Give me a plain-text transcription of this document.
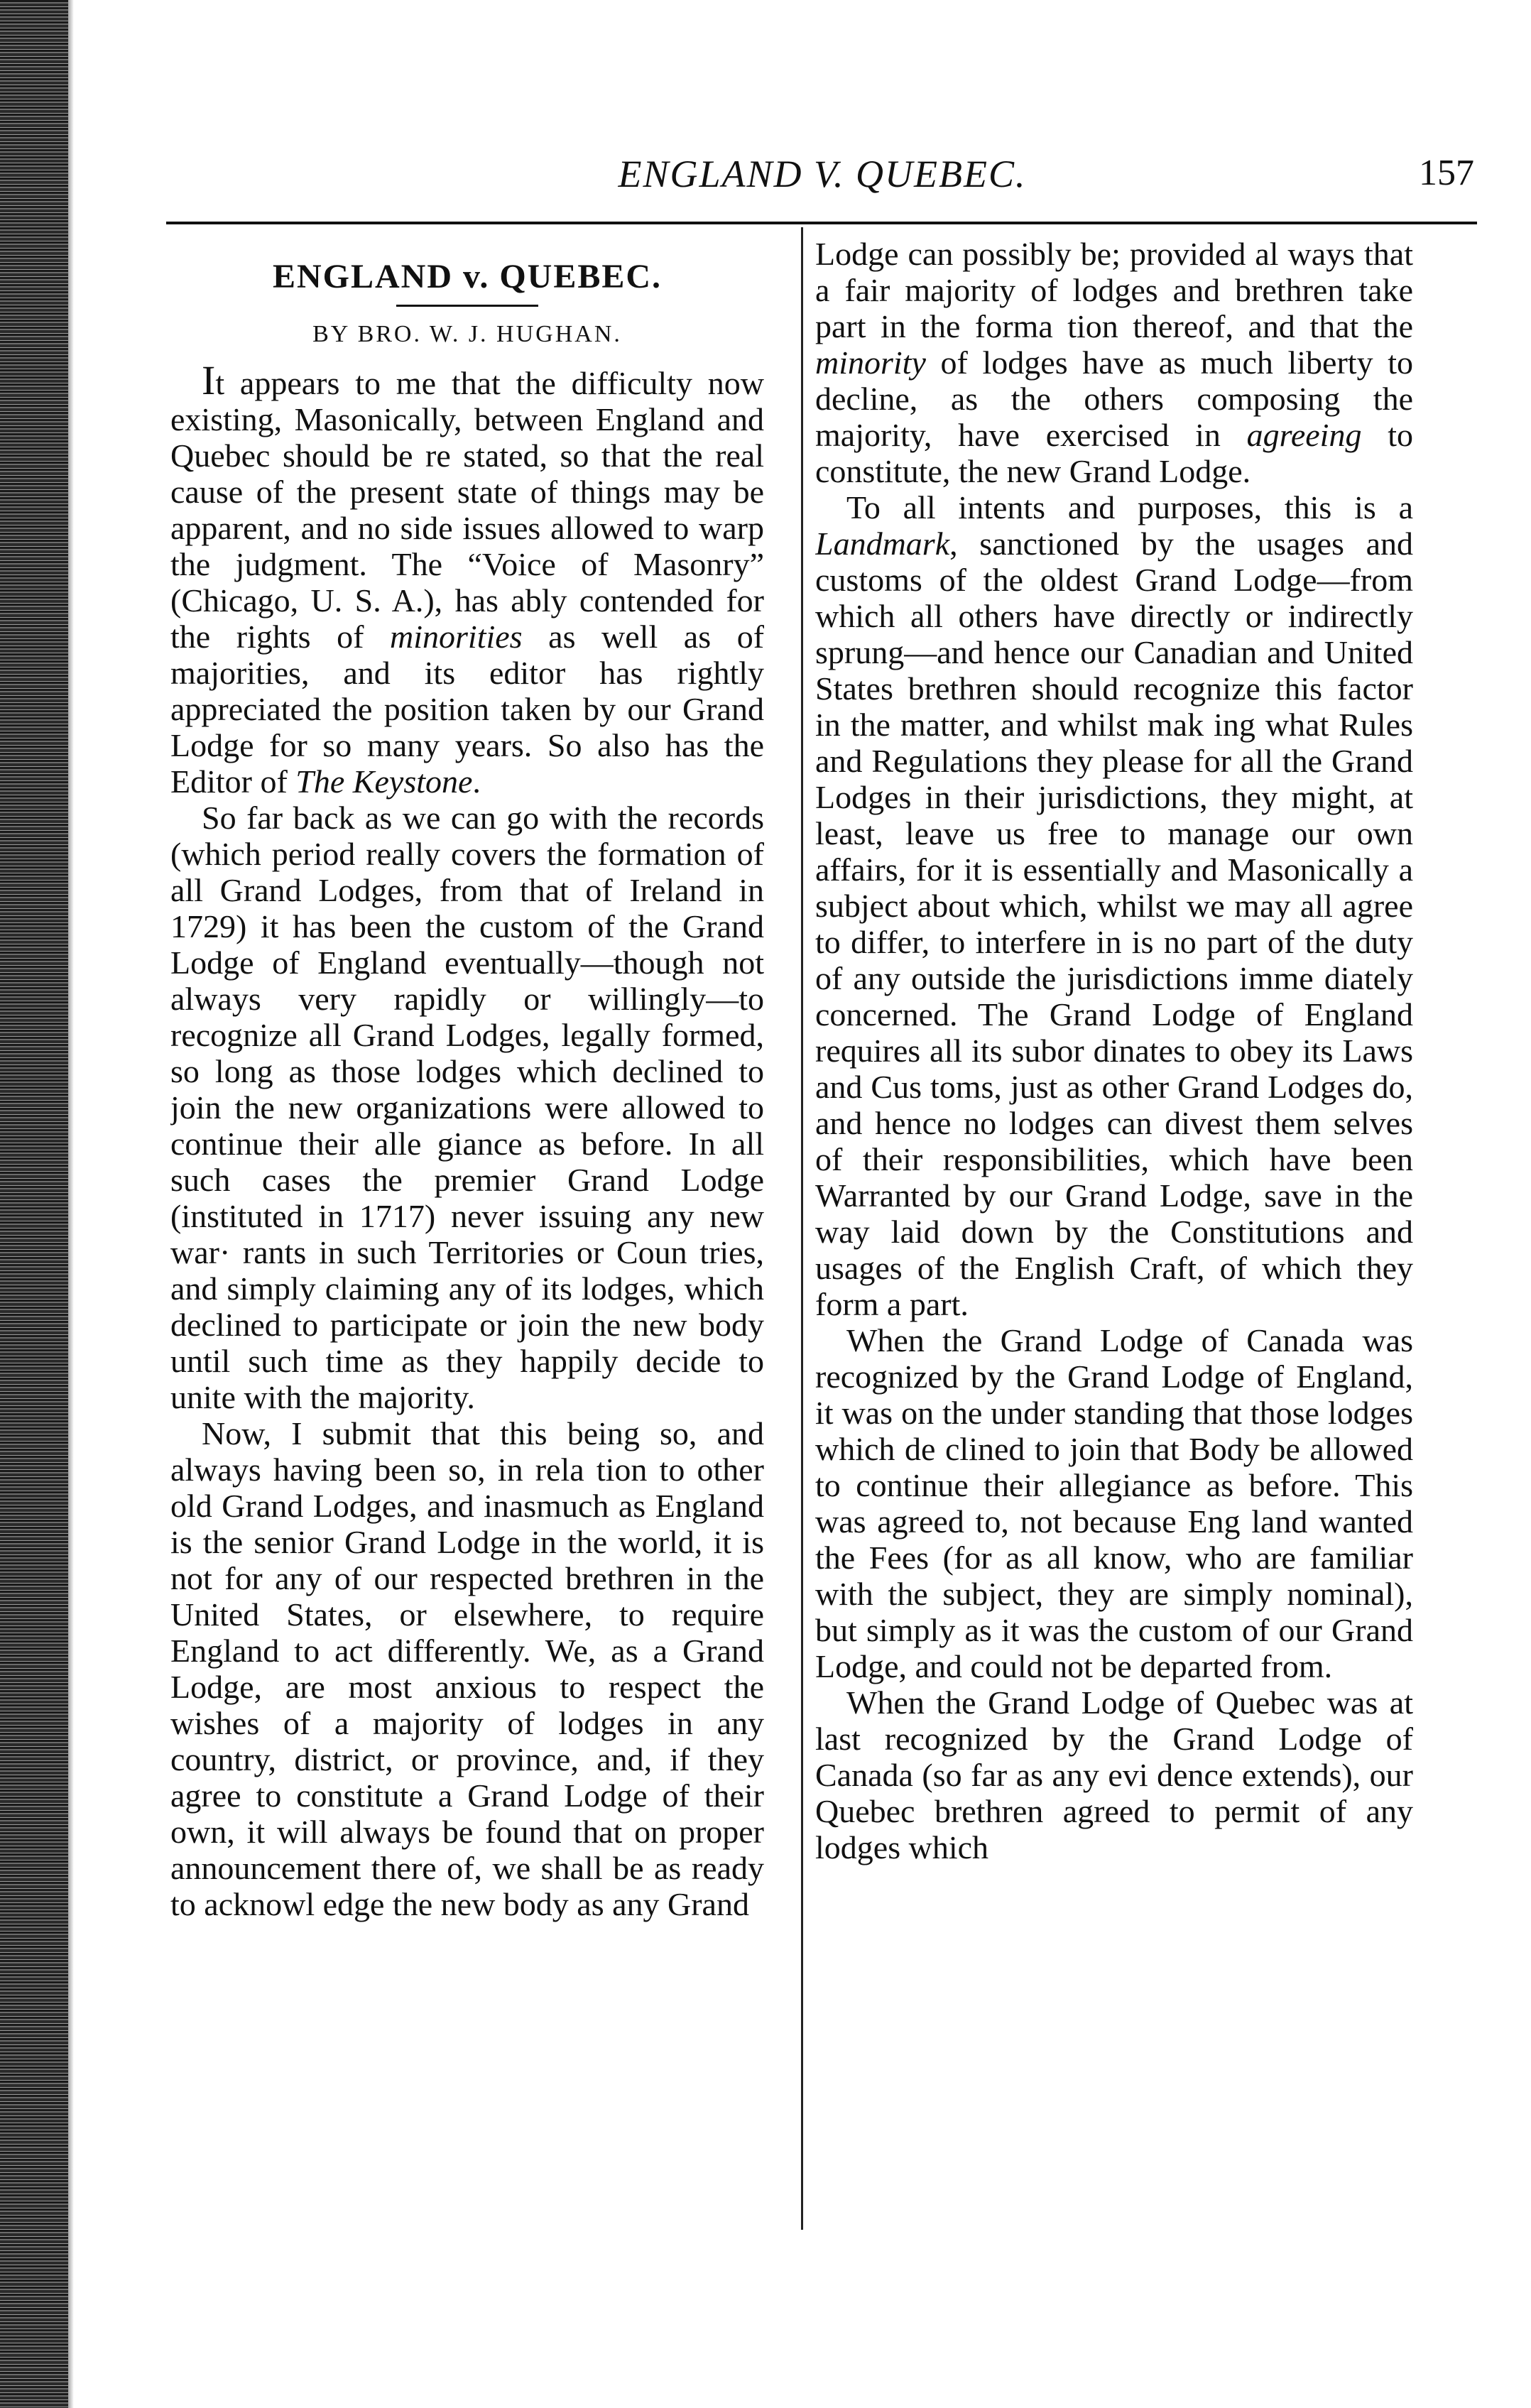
ENGLAND V. QUEBEC.	157
ENGLAND v. QUEBEC.
BY BRO. W. J. HUGHAN.

It appears to me that the difficulty now existing, Masonically, between England and Quebec should be re stated, so that the real cause of the present state of things may be apparent, and no side issues allowed to warp the judgment. The “Voice of Masonry” (Chicago, U. S. A.), has ably contended for the rights of minorities as well as of majorities, and its editor has rightly appreciated the position taken by our Grand Lodge for so many years. So also has the Editor of The Keystone.

So far back as we can go with the records (which period really covers the formation of all Grand Lodges, from that of Ireland in 1729) it has been the custom of the Grand Lodge of England eventually—though not always very rapidly or willingly—to recognize all Grand Lodges, legally formed, so long as those lodges which declined to join the new organizations were allowed to continue their alle giance as before. In all such cases the premier Grand Lodge (instituted in 1717) never issuing any new war· rants in such Territories or Coun tries, and simply claiming any of its lodges, which declined to participate or join the new body until such time as they happily decide to unite with the majority.

Now, I submit that this being so, and always having been so, in rela tion to other old Grand Lodges, and inasmuch as England is the senior Grand Lodge in the world, it is not for any of our respected brethren in the United States, or elsewhere, to require England to act differently. We, as a Grand Lodge, are most anxious to respect the wishes of a majority of lodges in any country, district, or province, and, if they agree to constitute a Grand Lodge of their own, it will always be found that on proper announcement there of, we shall be as ready to acknowl edge the new body as any Grand

Lodge can possibly be; provided al ways that a fair majority of lodges and brethren take part in the forma tion thereof, and that the minority of lodges have as much liberty to decline, as the others composing the majority, have exercised in agreeing to constitute, the new Grand Lodge.

To all intents and purposes, this is a Landmark, sanctioned by the usages and customs of the oldest Grand Lodge—from which all others have directly or indirectly sprung—and hence our Canadian and United States brethren should recognize this factor in the matter, and whilst mak ing what Rules and Regulations they please for all the Grand Lodges in their jurisdictions, they might, at least, leave us free to manage our own affairs, for it is essentially and Masonically a subject about which, whilst we may all agree to differ, to interfere in is no part of the duty of any outside the jurisdictions imme diately concerned. The Grand Lodge of England requires all its subor dinates to obey its Laws and Cus toms, just as other Grand Lodges do, and hence no lodges can divest them selves of their responsibilities, which have been Warranted by our Grand Lodge, save in the way laid down by the Constitutions and usages of the English Craft, of which they form a part.

When the Grand Lodge of Canada was recognized by the Grand Lodge of England, it was on the under standing that those lodges which de clined to join that Body be allowed to continue their allegiance as before. This was agreed to, not because Eng land wanted the Fees (for as all know, who are familiar with the subject, they are simply nominal), but simply as it was the custom of our Grand Lodge, and could not be departed from.

When the Grand Lodge of Quebec was at last recognized by the Grand Lodge of Canada (so far as any evi dence extends), our Quebec brethren agreed to permit of any lodges which
